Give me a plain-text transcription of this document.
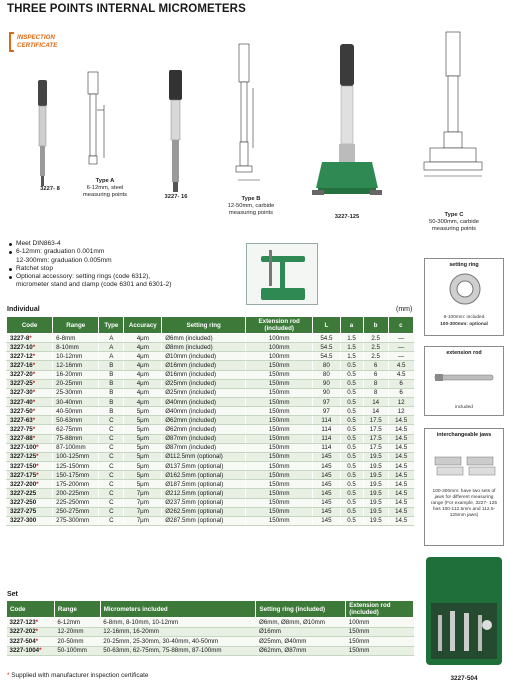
THREE POINTS INTERNAL MICROMETERS
INSPECTION
CERTIFICATE
3227- 8
Type A
6-12mm, steel measuring points	3227- 16	Type B
12-50mm, carbide measuring points
3227-125	Type C
50-300mm, carbide measuring points
Meet DIN863-4
6-12mm: graduation 0.001mm
12-300mm: graduation 0.005mm
Ratchet stop
Optional accessory: setting rings (code 6312),
micrometer stand and clamp (code 6301 and 6301-2)
Individual	(mm)
Code	Range	Type	Accuracy	Setting ring	Extension rod (included)	L	a	b	c
3227-8*	6-8mm	A	4μm	Ø6mm (included)	100mm	54.5	1.5	2.5	—
3227-10*	8-10mm	A	4μm	Ø8mm (included)	100mm	54.5	1.5	2.5	—
3227-12*	10-12mm	A	4μm	Ø10mm (included)	100mm	54.5	1.5	2.5	—
3227-16*	12-16mm	B	4μm	Ø16mm (included)	150mm	80	0.5	6	4.5
3227-20*	16-20mm	B	4μm	Ø16mm (included)	150mm	80	0.5	6	4.5
3227-25*	20-25mm	B	4μm	Ø25mm (included)	150mm	90	0.5	8	6
3227-30*	25-30mm	B	4μm	Ø25mm (included)	150mm	90	0.5	8	6
3227-40*	30-40mm	B	4μm	Ø40mm (included)	150mm	97	0.5	14	12
3227-50*	40-50mm	B	5μm	Ø40mm (included)	150mm	97	0.5	14	12
3227-63*	50-63mm	C	5μm	Ø62mm (included)	150mm	114	0.5	17.5	14.5
3227-75*	62-75mm	C	5μm	Ø62mm (included)	150mm	114	0.5	17.5	14.5
3227-88*	75-88mm	C	5μm	Ø87mm (included)	150mm	114	0.5	17.5	14.5
3227-100*	87-100mm	C	5μm	Ø87mm (included)	150mm	114	0.5	17.5	14.5
3227-125*	100-125mm	C	5μm	Ø112.5mm (optional)	150mm	145	0.5	19.5	14.5
3227-150*	125-150mm	C	5μm	Ø137.5mm (optional)	150mm	145	0.5	19.5	14.5
3227-175*	150-175mm	C	5μm	Ø162.5mm (optional)	150mm	145	0.5	19.5	14.5
3227-200*	175-200mm	C	5μm	Ø187.5mm (optional)	150mm	145	0.5	19.5	14.5
3227-225	200-225mm	C	7μm	Ø212.5mm (optional)	150mm	145	0.5	19.5	14.5
3227-250	225-250mm	C	7μm	Ø237.5mm (optional)	150mm	145	0.5	19.5	14.5
3227-275	250-275mm	C	7μm	Ø262.5mm (optional)	150mm	145	0.5	19.5	14.5
3227-300	275-300mm	C	7μm	Ø287.5mm (optional)	150mm	145	0.5	19.5	14.5
Set
Code	Range	Micrometers included	Setting ring (included)	Extension rod (included)
3227-123*	6-12mm	6-8mm, 8-10mm, 10-12mm	Ø6mm, Ø8mm, Ø10mm	100mm
3227-202*	12-20mm	12-16mm, 16-20mm	Ø16mm	150mm
3227-504*	20-50mm	20-25mm, 25-30mm, 30-40mm, 40-50mm	Ø25mm, Ø40mm	150mm
3227-1004*	50-100mm	50-63mm, 62-75mm, 75-88mm, 87-100mm	Ø62mm, Ø87mm	150mm
* Supplied with manufacturer inspection certificate
setting ring
6-100mm: included
100-300mm: optional
extension rod
included
interchangeable jaws
100-300mm: have two sets of jaws for different measuring range (For example, 3227- 125 has 100-112.5mm and 112.5-125mm jaws)
3227-504
